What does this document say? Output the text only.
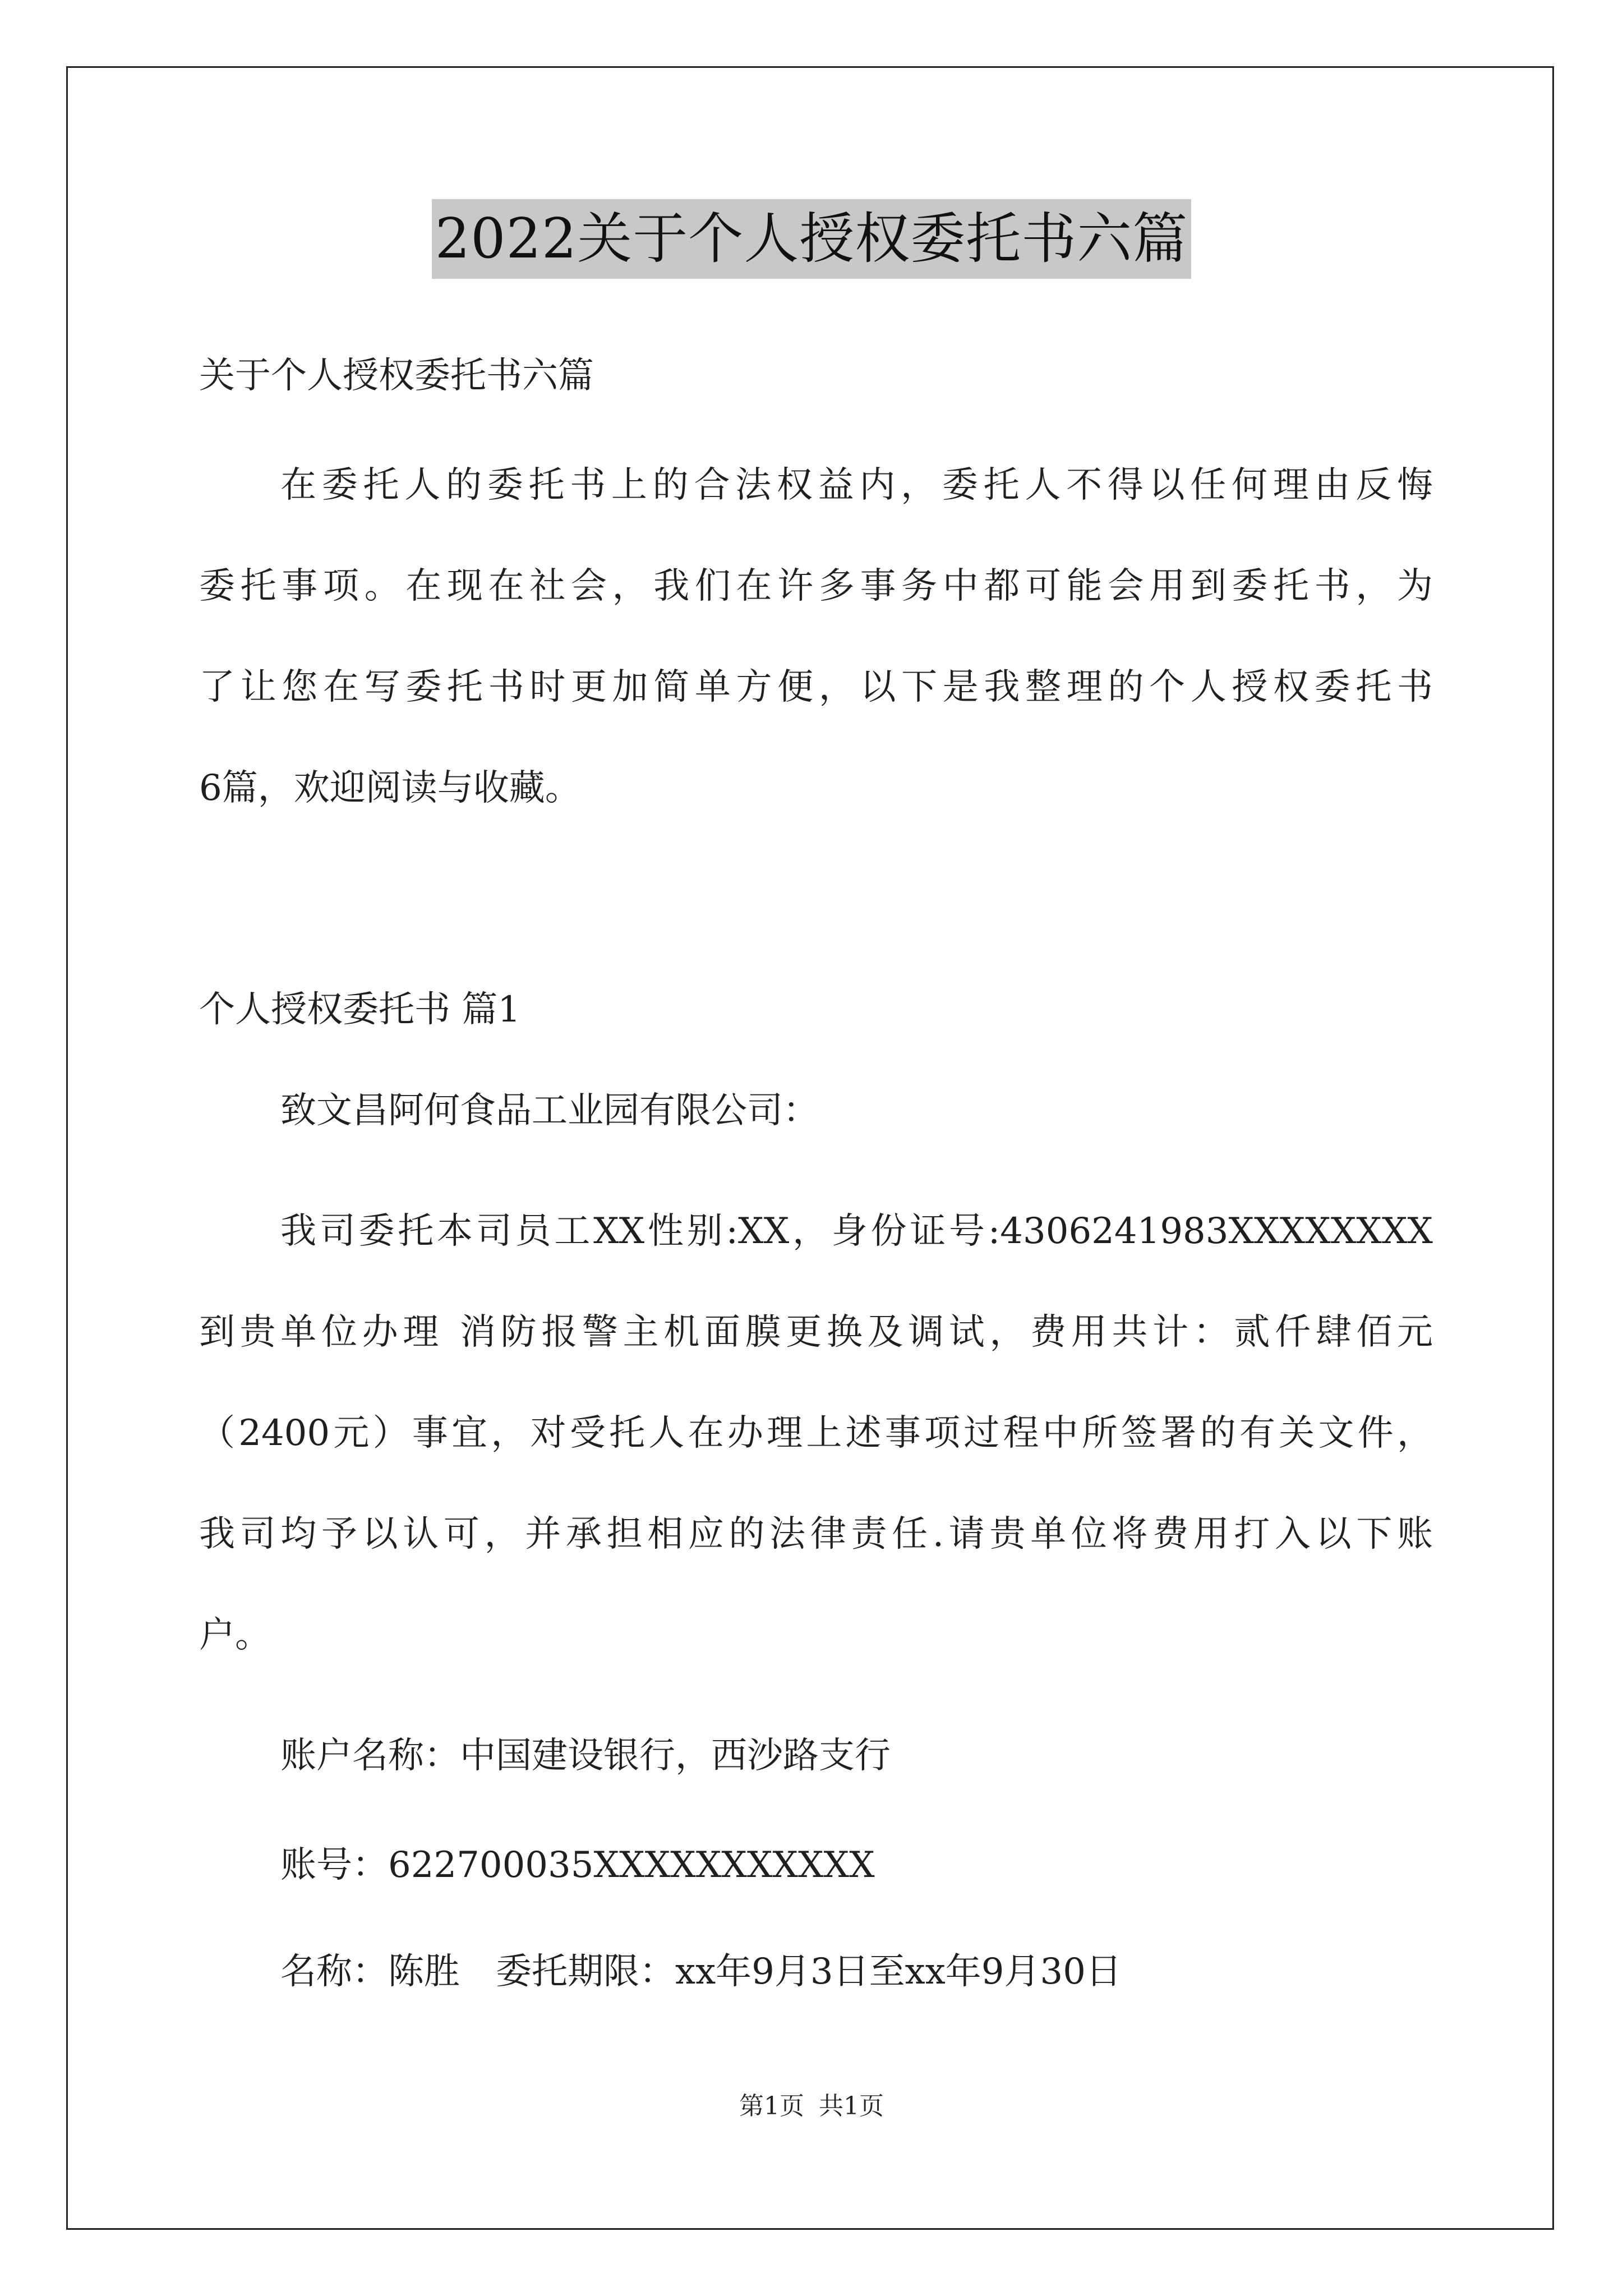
2022关于个人授权委托书六篇
关于个人授权委托书六篇
在委托人的委托书上的合法权益内，委托人不得以任何理由反悔
委托事项。在现在社会，我们在许多事务中都可能会用到委托书，为
了让您在写委托书时更加简单方便，以下是我整理的个人授权委托书
6篇，欢迎阅读与收藏。
个人授权委托书 篇1
致文昌阿何食品工业园有限公司：
我司委托本司员工XX性别:XX，身份证号:4306241983XXXXXXXX
到贵单位办理 消防报警主机面膜更换及调试，费用共计：贰仟肆佰元
（2400元）事宜，对受托人在办理上述事项过程中所签署的有关文件，
我司均予以认可，并承担相应的法律责任.请贵单位将费用打入以下账
户。
账户名称：中国建设银行，西沙路支行
账号：622700035XXXXXXXXXXX
名称：陈胜　委托期限：xx年9月3日至xx年9月30日
第1页 共1页
